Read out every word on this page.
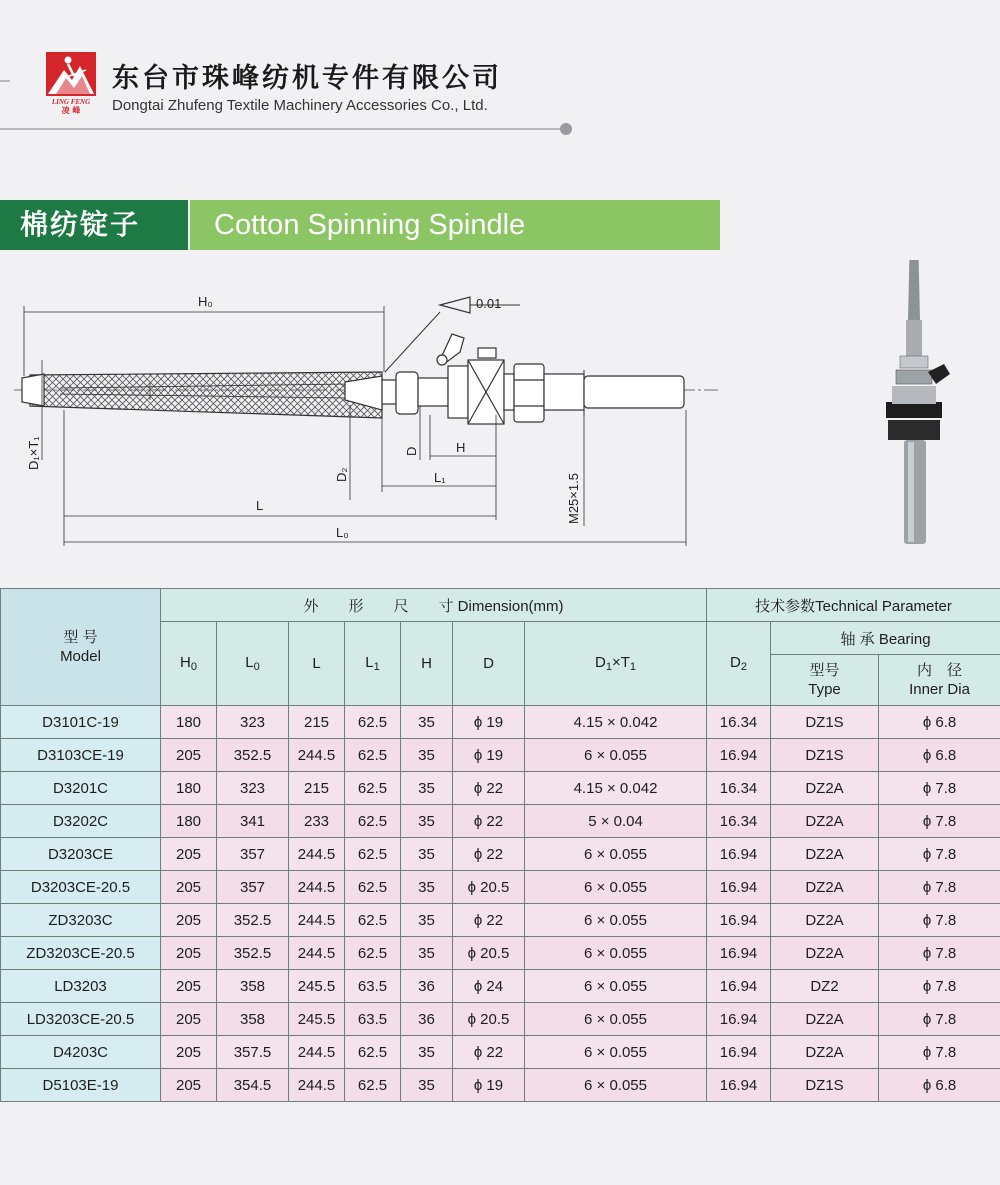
LING FENG
凌 峰
东台市珠峰纺机专件有限公司
Dongtai Zhufeng Textile Machinery Accessories Co., Ltd.
棉纺锭子	Cotton Spinning Spindle
0.01
H₀
D₁×T₁
D₂
D	H
L₁
L
L₀
M25×1.5
型 号
Model	外　　形　　尺　　寸 Dimension(mm)							技术参数Technical Parameter			
	$H_0$	$L_0$	L	$L_1$	H	D	$D_1\times T_1$	$D_2$	轴 承 Bearing	

									型号
Type	内　径
Inner Dia

D3101C-19	180	323	215	62.5	35	ϕ 19	4.15 × 0.042	16.34	DZ1S	ϕ 6.8	
D3103CE-19	205	352.5	244.5	62.5	35	ϕ 19	6 × 0.055	16.94	DZ1S	ϕ 6.8	
D3201C	180	323	215	62.5	35	ϕ 22	4.15 × 0.042	16.34	DZ2A	ϕ 7.8	
D3202C	180	341	233	62.5	35	ϕ 22	5 × 0.04	16.34	DZ2A	ϕ 7.8	
D3203CE	205	357	244.5	62.5	35	ϕ 22	6 × 0.055	16.94	DZ2A	ϕ 7.8	
D3203CE-20.5	205	357	244.5	62.5	35	ϕ 20.5	6 × 0.055	16.94	DZ2A	ϕ 7.8	
ZD3203C	205	352.5	244.5	62.5	35	ϕ 22	6 × 0.055	16.94	DZ2A	ϕ 7.8	
ZD3203CE-20.5	205	352.5	244.5	62.5	35	ϕ 20.5	6 × 0.055	16.94	DZ2A	ϕ 7.8	
LD3203	205	358	245.5	63.5	36	ϕ 24	6 × 0.055	16.94	DZ2	ϕ 7.8	
LD3203CE-20.5	205	358	245.5	63.5	36	ϕ 20.5	6 × 0.055	16.94	DZ2A	ϕ 7.8	
D4203C	205	357.5	244.5	62.5	35	ϕ 22	6 × 0.055	16.94	DZ2A	ϕ 7.8	
D5103E-19	205	354.5	244.5	62.5	35	ϕ 19	6 × 0.055	16.94	DZ1S	ϕ 6.8	
